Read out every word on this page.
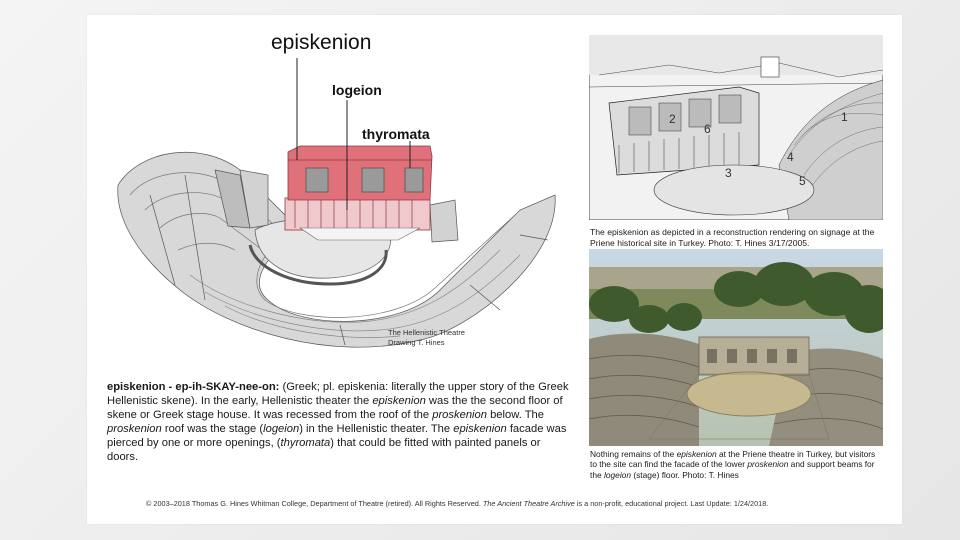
episkenion
logeion
thyromata
The Hellenistic Theatre
Drawing T. Hines
episkenion - ep-ih-SKAY-nee-on: (Greek; pl. episkenia: literally the upper story of the Greek Hellenistic skene). In the early, Hellenistic theater the episkenion was the the second floor of skene or Greek stage house. It was recessed from the roof of the proskenion below. The proskenion roof was the stage (logeion) in the Hellenistic theater. The episkenion facade was pierced by one or more openings, (thyromata) that could be fitted with painted panels or doors.
1
2
3
4
5
6
The episkenion as depicted in a reconstruction rendering on signage at the Priene historical site in Turkey. Photo: T. Hines 3/17/2005.
Nothing remains of the episkenion at the Priene theatre in Turkey, but visitors to the site can find the facade of the lower proskenion and support beams for the logeion (stage) floor. Photo: T. Hines
© 2003–2018 Thomas G. Hines Whitman College, Department of Theatre (retired). All Rights Reserved. The Ancient Theatre Archive is a non-profit, educational project. Last Update: 1/24/2018.
